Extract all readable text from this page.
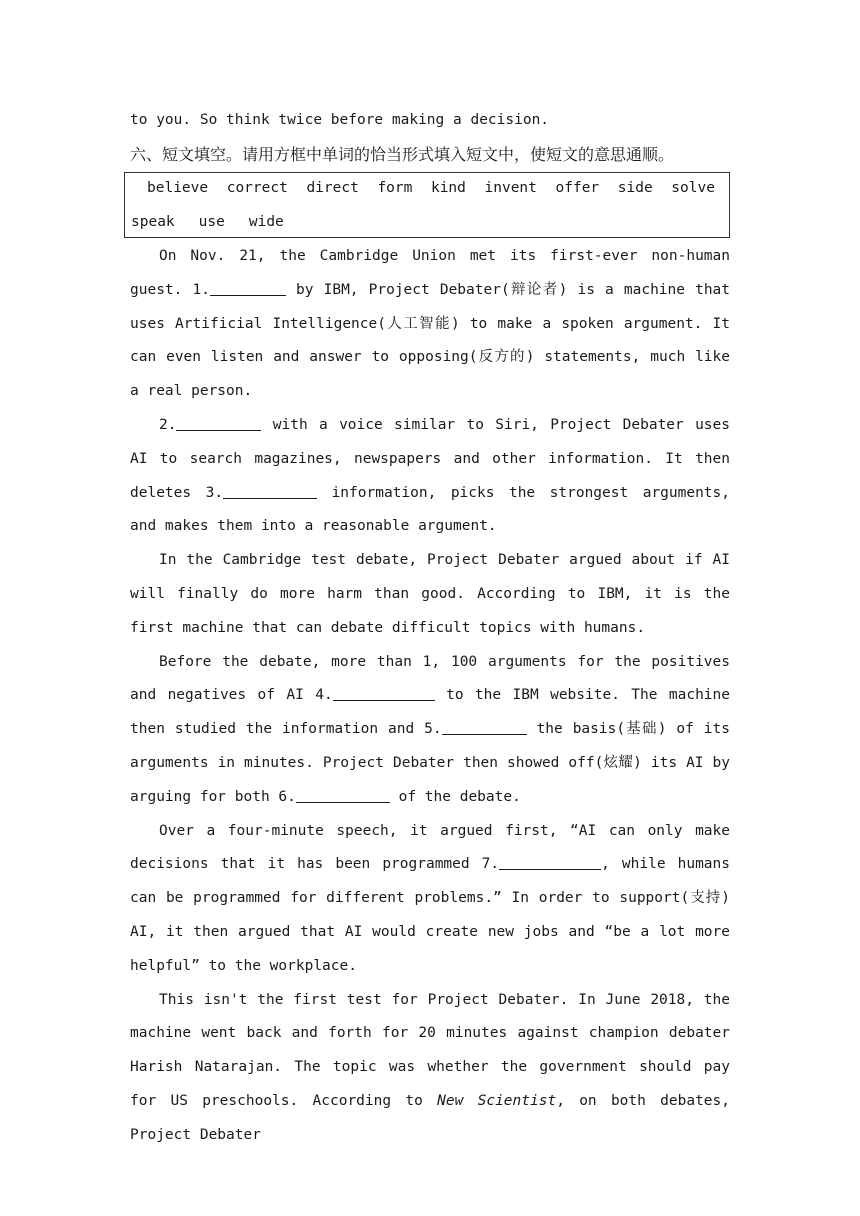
to you. So think twice before making a decision.
六、短文填空。请用方框中单词的恰当形式填入短文中，使短文的意思通顺。
believe correct direct form kind invent offer side solve
speak use wide

On Nov. 21, the Cambridge Union met its first-ever non-human guest. 1.	by IBM, Project Debater(辩论者) is a machine that uses Artificial Intelligence(人工智能) to make a spoken argument. It can even listen and answer to opposing(反方的) statements, much like a real person.

2.	with a voice similar to Siri, Project Debater uses AI to search magazines, newspapers and other information. It then deletes 3.	information, picks the strongest arguments, and makes them into a reasonable argument.

In the Cambridge test debate, Project Debater argued about if AI will finally do more harm than good. According to IBM, it is the first machine that can debate difficult topics with humans.

Before the debate, more than 1, 100 arguments for the positives and negatives of AI 4.	to the IBM website. The machine then studied the information and 5.	the basis(基础) of its arguments in minutes. Project Debater then showed off(炫耀) its AI by arguing for both 6.	of the debate.

Over a four-minute speech, it argued first, “AI can only make decisions that it has been programmed 7.	, while humans can be programmed for different problems.” In order to support(支持) AI, it then argued that AI would create new jobs and “be a lot more helpful” to the workplace.

This isn't the first test for Project Debater. In June 2018, the machine went back and forth for 20 minutes against champion debater Harish Natarajan. The topic was whether the government should pay for US preschools. According to New Scientist, on both debates, Project Debater
